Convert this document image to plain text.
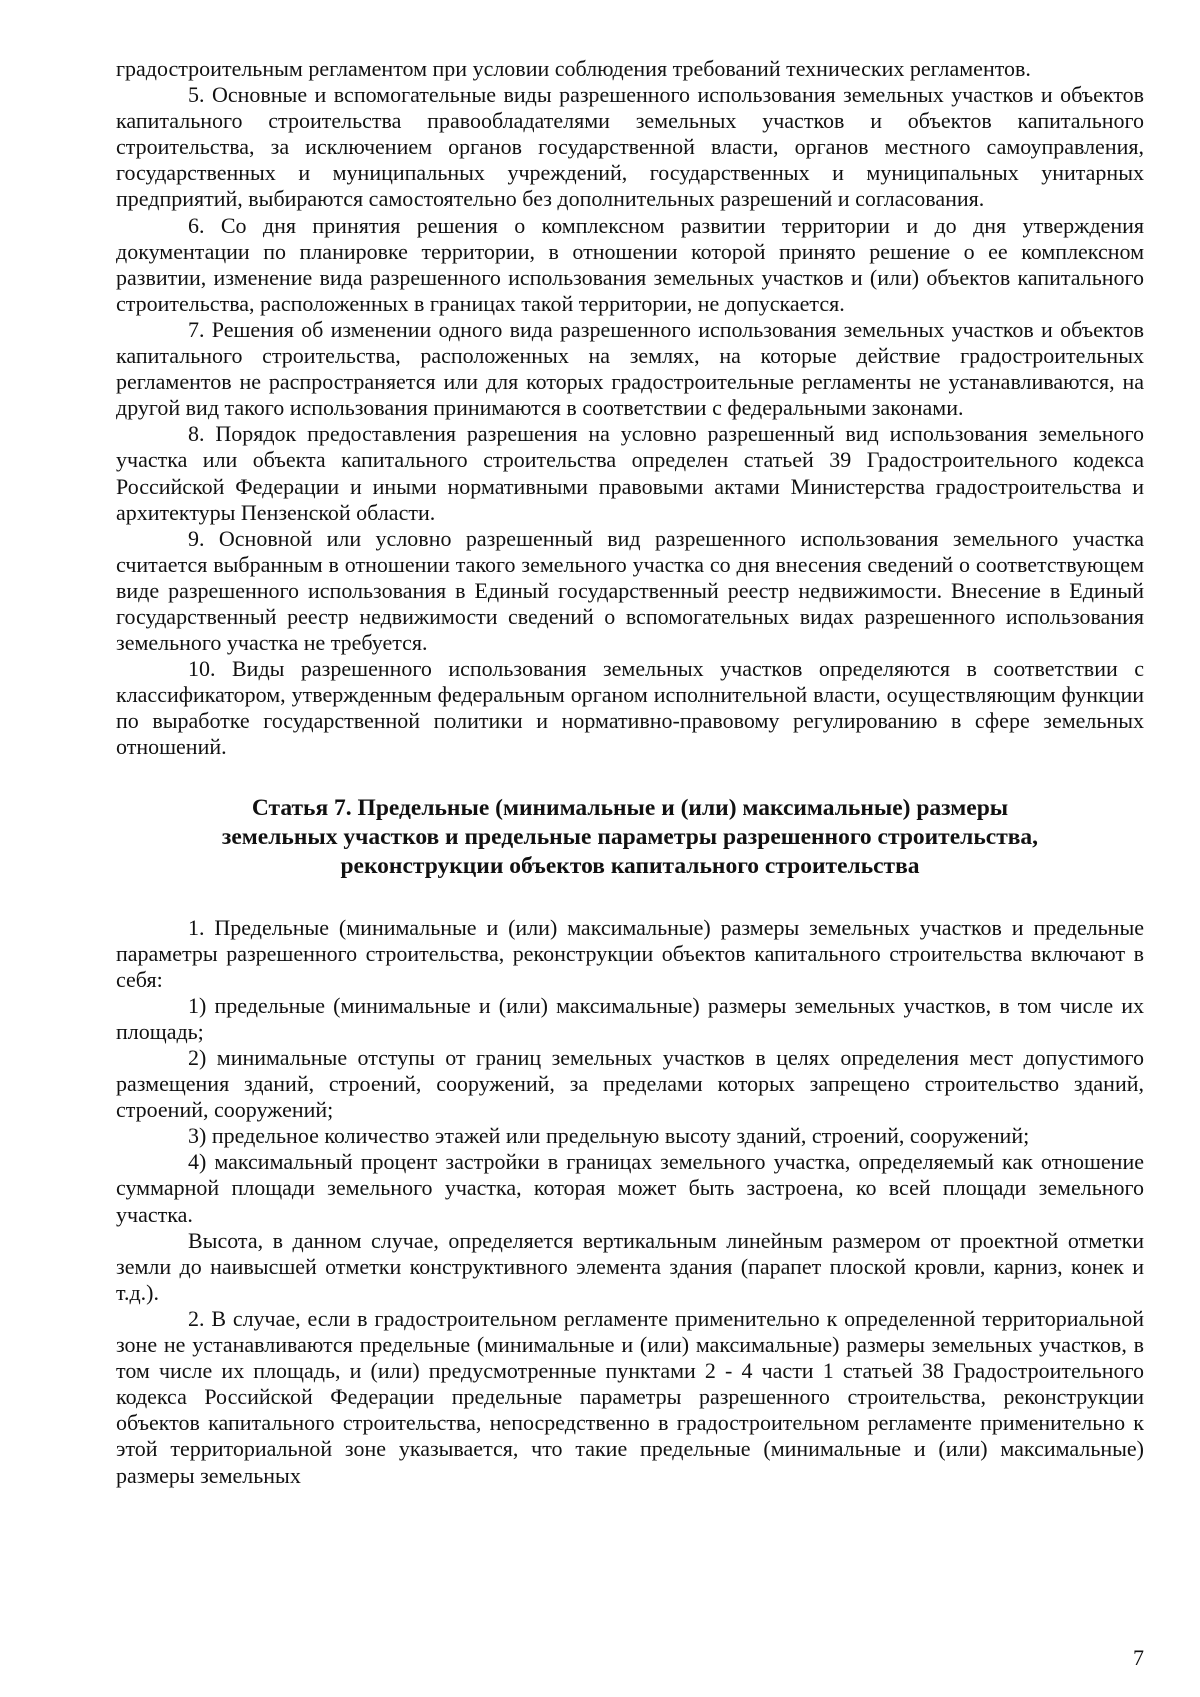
градостроительным регламентом при условии соблюдения требований технических регламентов.

5. Основные и вспомогательные виды разрешенного использования земельных участков и объектов капитального строительства правообладателями земельных участков и объектов капитального строительства, за исключением органов государственной власти, органов местного самоуправления, государственных и муниципальных учреждений, государственных и муниципальных унитарных предприятий, выбираются самостоятельно без дополнительных разрешений и согласования.

6. Со дня принятия решения о комплексном развитии территории и до дня утверждения документации по планировке территории, в отношении которой принято решение о ее комплексном развитии, изменение вида разрешенного использования земельных участков и (или) объектов капитального строительства, расположенных в границах такой территории, не допускается.

7. Решения об изменении одного вида разрешенного использования земельных участков и объектов капитального строительства, расположенных на землях, на которые действие градостроительных регламентов не распространяется или для которых градостроительные регламенты не устанавливаются, на другой вид такого использования принимаются в соответствии с федеральными законами.

8. Порядок предоставления разрешения на условно разрешенный вид использования земельного участка или объекта капитального строительства определен статьей 39 Градостроительного кодекса Российской Федерации и иными нормативными правовыми актами Министерства градостроительства и архитектуры Пензенской области.

9. Основной или условно разрешенный вид разрешенного использования земельного участка считается выбранным в отношении такого земельного участка со дня внесения сведений о соответствующем виде разрешенного использования в Единый государственный реестр недвижимости. Внесение в Единый государственный реестр недвижимости сведений о вспомогательных видах разрешенного использования земельного участка не требуется.

10. Виды разрешенного использования земельных участков определяются в соответствии с классификатором, утвержденным федеральным органом исполнительной власти, осуществляющим функции по выработке государственной политики и нормативно-правовому регулированию в сфере земельных отношений.

Статья 7. Предельные (минимальные и (или) максимальные) размеры
земельных участков и предельные параметры разрешенного строительства,
реконструкции объектов капитального строительства

1. Предельные (минимальные и (или) максимальные) размеры земельных участков и предельные параметры разрешенного строительства, реконструкции объектов капитального строительства включают в себя:

1) предельные (минимальные и (или) максимальные) размеры земельных участков, в том числе их площадь;

2) минимальные отступы от границ земельных участков в целях определения мест допустимого размещения зданий, строений, сооружений, за пределами которых запрещено строительство зданий, строений, сооружений;

3) предельное количество этажей или предельную высоту зданий, строений, сооружений;

4) максимальный процент застройки в границах земельного участка, определяемый как отношение суммарной площади земельного участка, которая может быть застроена, ко всей площади земельного участка.

Высота, в данном случае, определяется вертикальным линейным размером от проектной отметки земли до наивысшей отметки конструктивного элемента здания (парапет плоской кровли, карниз, конек и т.д.).

2. В случае, если в градостроительном регламенте применительно к определенной территориальной зоне не устанавливаются предельные (минимальные и (или) максимальные) размеры земельных участков, в том числе их площадь, и (или) предусмотренные пунктами 2 - 4 части 1 статьей 38 Градостроительного кодекса Российской Федерации предельные параметры разрешенного строительства, реконструкции объектов капитального строительства, непосредственно в градостроительном регламенте применительно к этой территориальной зоне указывается, что такие предельные (минимальные и (или) максимальные) размеры земельных

7
